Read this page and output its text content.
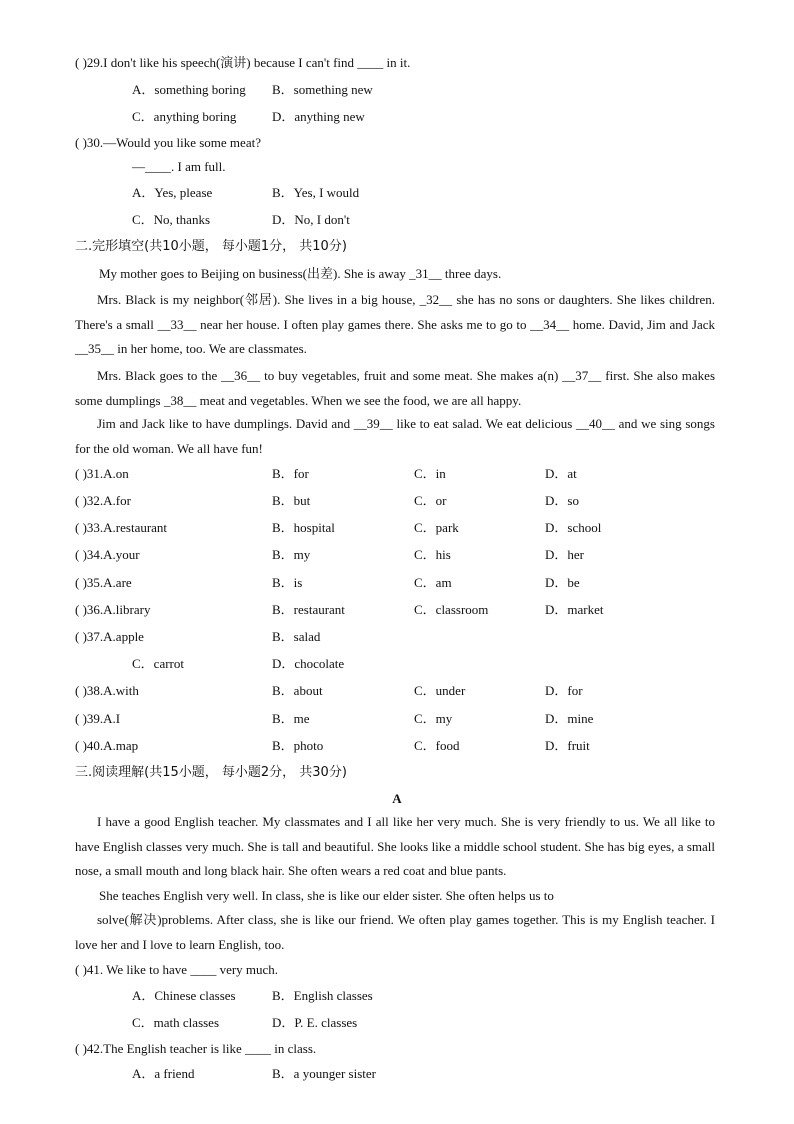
( )29.I don't like his speech(演讲) because I can't find ____ in it.
A．something boring B．something new
C．anything boring	D．anything new
( )30.—Would you like some meat?
—____. I am full.
A．Yes, please	B．Yes, I would
C．No, thanks	D．No, I don't
二.完形填空(共10小题， 每小题1分， 共10分)
My mother goes to Beijing on business(出差). She is away _31__ three days.
Mrs. Black is my neighbor(邻居). She lives in a big house, _32__ she has no sons or daughters. She likes children. There's a small __33__ near her house. I often play games there. She asks me to go to __34__ home. David, Jim and Jack __35__ in her home, too. We are classmates.
Mrs. Black goes to the __36__ to buy vegetables, fruit and some meat. She makes a(n) __37__ first. She also makes some dumplings _38__ meat and vegetables. When we see the food, we are all happy.
Jim and Jack like to have dumplings. David and __39__ like to eat salad. We eat delicious __40__ and we sing songs for the old woman. We all have fun!
( )31.A.on	B．for	C．in	D．at
( )32.A.for	B．but	C．or	D．so
( )33.A.restaurant	B．hospital	C．park	D．school
( )34.A.your	B．my	C．his	D．her
( )35.A.are	B．is	C．am	D．be
( )36.A.library	B．restaurant	C．classroom	D．market
( )37.A.apple	B．salad
C．carrot	D．chocolate
( )38.A.with	B．about	C．under	D．for
( )39.A.I	B．me	C．my	D．mine
( )40.A.map	B．photo	C．food	D．fruit
三.阅读理解(共15小题， 每小题2分， 共30分)
A
I have a good English teacher. My classmates and I all like her very much. She is very friendly to us. We all like to have English classes very much. She is tall and beautiful. She looks like a middle school student. She has big eyes, a small nose, a small mouth and long black hair. She often wears a red coat and blue pants.
She teaches English very well. In class, she is like our elder sister. She often helps us to
solve(解决)problems. After class, she is like our friend. We often play games together. This is my English teacher. I love her and I love to learn English, too.
( )41. We like to have ____ very much.
A．Chinese classes	B．English classes
C．math classes	D．P. E. classes
( )42.The English teacher is like ____ in class.
A．a friend	B．a younger sister
